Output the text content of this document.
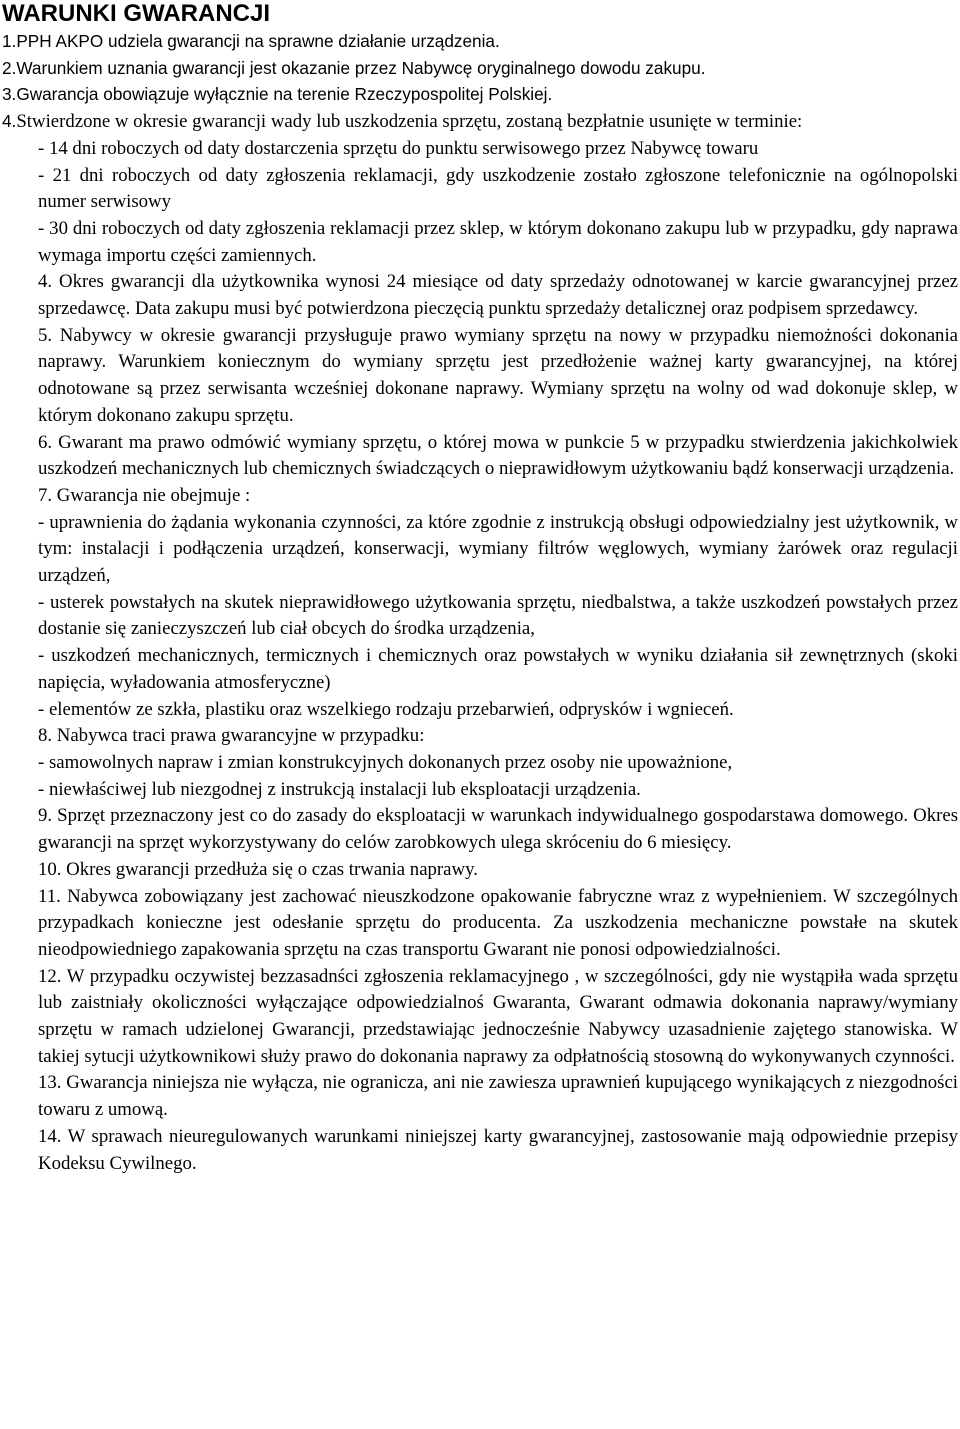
WARUNKI GWARANCJI

1.PPH AKPO udziela gwarancji na sprawne działanie urządzenia.

2.Warunkiem uznania gwarancji jest okazanie przez Nabywcę oryginalnego dowodu zakupu.

3.Gwarancja obowiązuje wyłącznie na terenie Rzeczypospolitej Polskiej.

4.Stwierdzone w okresie gwarancji wady lub uszkodzenia sprzętu, zostaną bezpłatnie usunięte w terminie:

- 14 dni roboczych od daty dostarczenia sprzętu do punktu serwisowego przez Nabywcę towaru

- 21 dni roboczych od daty zgłoszenia reklamacji, gdy uszkodzenie zostało zgłoszone telefonicznie na ogólnopolski numer serwisowy

- 30 dni roboczych od daty zgłoszenia reklamacji przez sklep, w którym dokonano zakupu lub w przypadku, gdy naprawa wymaga importu części zamiennych.

4. Okres gwarancji dla użytkownika wynosi 24 miesiące od daty sprzedaży odnotowanej w karcie gwarancyjnej przez sprzedawcę. Data zakupu musi być potwierdzona pieczęcią punktu sprzedaży detalicznej oraz podpisem sprzedawcy.

5. Nabywcy w okresie gwarancji przysługuje prawo wymiany sprzętu na nowy w przypadku niemożności dokonania naprawy. Warunkiem koniecznym do wymiany sprzętu jest przedłożenie ważnej karty gwarancyjnej, na której odnotowane są przez serwisanta wcześniej dokonane naprawy. Wymiany sprzętu na wolny od wad dokonuje sklep, w którym dokonano zakupu sprzętu.

6. Gwarant ma prawo odmówić wymiany sprzętu, o której mowa w punkcie 5 w przypadku stwierdzenia jakichkolwiek uszkodzeń mechanicznych lub chemicznych świadczących o nieprawidłowym użytkowaniu bądź konserwacji urządzenia.

7. Gwarancja nie obejmuje :

- uprawnienia do żądania wykonania czynności, za które zgodnie z instrukcją obsługi odpowiedzialny jest użytkownik, w tym: instalacji i podłączenia urządzeń, konserwacji, wymiany filtrów węglowych, wymiany żarówek oraz regulacji urządzeń,

- usterek powstałych na skutek nieprawidłowego użytkowania sprzętu, niedbalstwa, a także uszkodzeń powstałych przez dostanie się zanieczyszczeń lub ciał obcych do środka urządzenia,

- uszkodzeń mechanicznych, termicznych i chemicznych oraz powstałych w wyniku działania sił zewnętrznych (skoki napięcia, wyładowania atmosferyczne)

- elementów ze szkła, plastiku oraz wszelkiego rodzaju przebarwień, odprysków i wgnieceń.

8. Nabywca traci prawa gwarancyjne w przypadku:

- samowolnych napraw i zmian konstrukcyjnych dokonanych przez osoby nie upoważnione,

- niewłaściwej lub niezgodnej z instrukcją instalacji lub eksploatacji urządzenia.

9. Sprzęt przeznaczony jest co do zasady do eksploatacji w warunkach indywidualnego gospodarstawa domowego. Okres gwarancji na sprzęt wykorzystywany do celów zarobkowych ulega skróceniu do 6 miesięcy.

10. Okres gwarancji przedłuża się o czas trwania naprawy.

11. Nabywca zobowiązany jest zachować nieuszkodzone opakowanie fabryczne wraz z wypełnieniem. W szczególnych przypadkach konieczne jest odesłanie sprzętu do producenta. Za uszkodzenia mechaniczne powstałe na skutek nieodpowiedniego zapakowania sprzętu na czas transportu Gwarant nie ponosi odpowiedzialności.

12. W przypadku oczywistej bezzasadnści zgłoszenia reklamacyjnego , w szczególności, gdy nie wystąpiła wada sprzętu lub zaistniały okoliczności wyłączające odpowiedzialnoś Gwaranta, Gwarant odmawia dokonania naprawy/wymiany sprzętu w ramach udzielonej Gwarancji, przedstawiając jednocześnie Nabywcy uzasadnienie zajętego stanowiska. W takiej sytucji użytkownikowi służy prawo do dokonania naprawy za odpłatnością stosowną do wykonywanych czynności.

13. Gwarancja niniejsza nie wyłącza, nie ogranicza, ani nie zawiesza uprawnień kupującego wynikających z niezgodności towaru z umową.

14. W sprawach nieuregulowanych warunkami niniejszej karty gwarancyjnej, zastosowanie mają odpowiednie przepisy Kodeksu Cywilnego.
